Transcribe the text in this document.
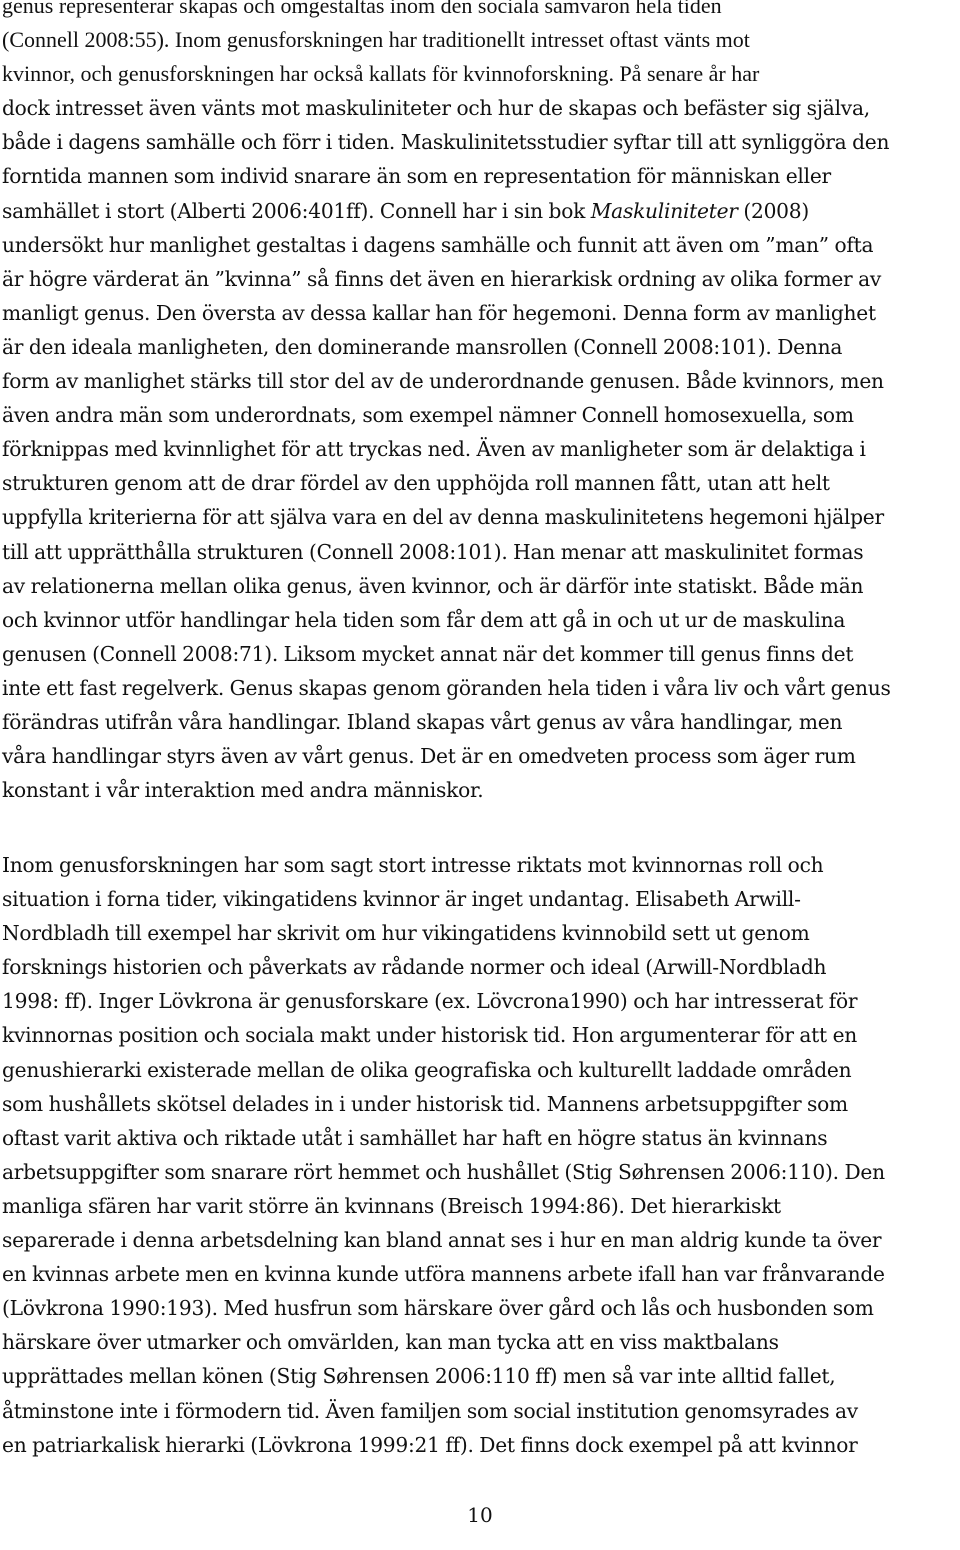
genus representerar skapas och omgestaltas inom den sociala samvaron hela tiden
(Connell 2008:55). Inom genusforskningen har traditionellt intresset oftast vänts mot
kvinnor, och genusforskningen har också kallats för kvinnoforskning. På senare år har
dock intresset även vänts mot maskuliniteter och hur de skapas och befäster sig själva,
både i dagens samhälle och förr i tiden. Maskulinitetsstudier syftar till att synliggöra den
forntida mannen som individ snarare än som en representation för människan eller
samhället i stort (Alberti 2006:401ff). Connell har i sin bok Maskuliniteter (2008)
undersökt hur manlighet gestaltas i dagens samhälle och funnit att även om ”man” ofta
är högre värderat än ”kvinna” så finns det även en hierarkisk ordning av olika former av
manligt genus. Den översta av dessa kallar han för hegemoni. Denna form av manlighet
är den ideala manligheten, den dominerande mansrollen (Connell 2008:101). Denna
form av manlighet stärks till stor del av de underordnande genusen. Både kvinnors, men
även andra män som underordnats, som exempel nämner Connell homosexuella, som
förknippas med kvinnlighet för att tryckas ned. Även av manligheter som är delaktiga i
strukturen genom att de drar fördel av den upphöjda roll mannen fått, utan att helt
uppfylla kriterierna för att själva vara en del av denna maskulinitetens hegemoni hjälper
till att upprätthålla strukturen (Connell 2008:101). Han menar att maskulinitet formas
av relationerna mellan olika genus, även kvinnor, och är därför inte statiskt. Både män
och kvinnor utför handlingar hela tiden som får dem att gå in och ut ur de maskulina
genusen (Connell 2008:71). Liksom mycket annat när det kommer till genus finns det
inte ett fast regelverk. Genus skapas genom göranden hela tiden i våra liv och vårt genus
förändras utifrån våra handlingar. Ibland skapas vårt genus av våra handlingar, men
våra handlingar styrs även av vårt genus. Det är en omedveten process som äger rum
konstant i vår interaktion med andra människor.
Inom genusforskningen har som sagt stort intresse riktats mot kvinnornas roll och
situation i forna tider, vikingatidens kvinnor är inget undantag. Elisabeth Arwill-
Nordbladh till exempel har skrivit om hur vikingatidens kvinnobild sett ut genom
forsknings historien och påverkats av rådande normer och ideal (Arwill-Nordbladh
1998: ff). Inger Lövkrona är genusforskare (ex. Lövcrona1990) och har intresserat för
kvinnornas position och sociala makt under historisk tid. Hon argumenterar för att en
genushierarki existerade mellan de olika geografiska och kulturellt laddade områden
som hushållets skötsel delades in i under historisk tid. Mannens arbetsuppgifter som
oftast varit aktiva och riktade utåt i samhället har haft en högre status än kvinnans
arbetsuppgifter som snarare rört hemmet och hushållet (Stig Søhrensen 2006:110). Den
manliga sfären har varit större än kvinnans (Breisch 1994:86). Det hierarkiskt
separerade i denna arbetsdelning kan bland annat ses i hur en man aldrig kunde ta över
en kvinnas arbete men en kvinna kunde utföra mannens arbete ifall han var frånvarande
(Lövkrona 1990:193). Med husfrun som härskare över gård och lås och husbonden som
härskare över utmarker och omvärlden, kan man tycka att en viss maktbalans
upprättades mellan könen (Stig Søhrensen 2006:110 ff) men så var inte alltid fallet,
åtminstone inte i förmodern tid. Även familjen som social institution genomsyrades av
en patriarkalisk hierarki (Lövkrona 1999:21 ff). Det finns dock exempel på att kvinnor
10
